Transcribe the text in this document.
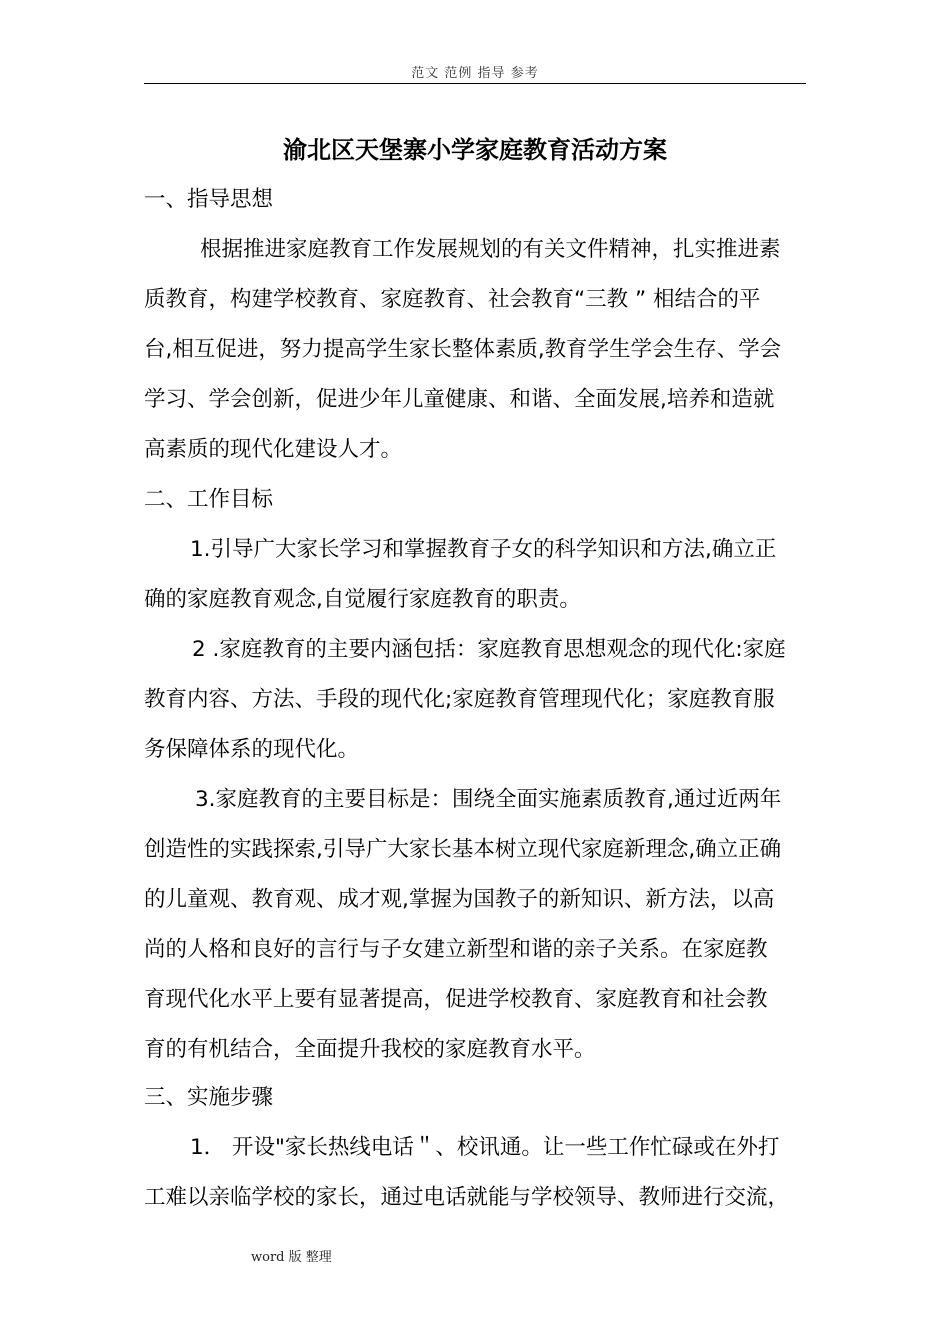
范文 范例 指导 参考
渝北区天堡寨小学家庭教育活动方案
一、指导思想
根据推进家庭教育工作发展规划的有关文件精神，扎实推进素
质教育，构建学校教育、家庭教育、社会教育“三教 ” 相结合的平
台,相互促进，努力提高学生家长整体素质,教育学生学会生存、学会
学习、学会创新，促进少年儿童健康、和谐、全面发展,培养和造就
高素质的现代化建设人才。
二、工作目标
1.引导广大家长学习和掌握教育子女的科学知识和方法,确立正
确的家庭教育观念,自觉履行家庭教育的职责。
2 .家庭教育的主要内涵包括：家庭教育思想观念的现代化:家庭
教育内容、方法、手段的现代化;家庭教育管理现代化；家庭教育服
务保障体系的现代化。
3.家庭教育的主要目标是：围绕全面实施素质教育,通过近两年
创造性的实践探索,引导广大家长基本树立现代家庭新理念,确立正确
的儿童观、教育观、成才观,掌握为国教子的新知识、新方法，以高
尚的人格和良好的言行与子女建立新型和谐的亲子关系。在家庭教
育现代化水平上要有显著提高，促进学校教育、家庭教育和社会教
育的有机结合，全面提升我校的家庭教育水平。
三、实施步骤
1． 开设"家长热线电话＂、校讯通。让一些工作忙碌或在外打
工难以亲临学校的家长，通过电话就能与学校领导、教师进行交流，
word 版 整理
